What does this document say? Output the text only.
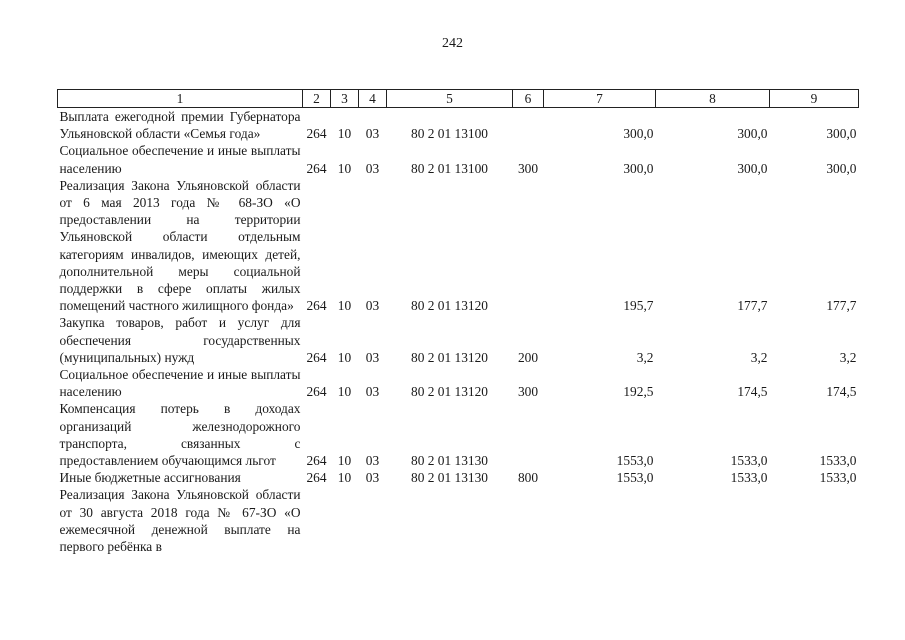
242
1	2	3	4	5	6	7	8	9
Выплата ежегодной премии Губернатора Ульяновской области «Семья года»	264	10	03	80 2 01 13100		300,0	300,0	300,0
Социальное обеспечение и иные выплаты населению	264	10	03	80 2 01 13100	300	300,0	300,0	300,0
Реализация Закона Ульяновской области от 6 мая 2013 года № 68-ЗО «О предоставлении на территории Ульяновской области отдельным категориям инвалидов, имеющих детей, дополнительной меры социальной поддержки в сфере оплаты жилых помещений частного жилищного фонда»	264	10	03	80 2 01 13120		195,7	177,7	177,7
Закупка товаров, работ и услуг для обеспечения государственных (муниципальных) нужд	264	10	03	80 2 01 13120	200	3,2	3,2	3,2
Социальное обеспечение и иные выплаты населению	264	10	03	80 2 01 13120	300	192,5	174,5	174,5
Компенсация потерь в доходах организаций железнодорожного транспорта, связанных с предоставлением обучающимся льгот	264	10	03	80 2 01 13130		1553,0	1533,0	1533,0
Иные бюджетные ассигнования	264	10	03	80 2 01 13130	800	1553,0	1533,0	1533,0
Реализация Закона Ульяновской области от 30 августа 2018 года № 67-ЗО «О ежемесячной денежной выплате на первого ребёнка в								
